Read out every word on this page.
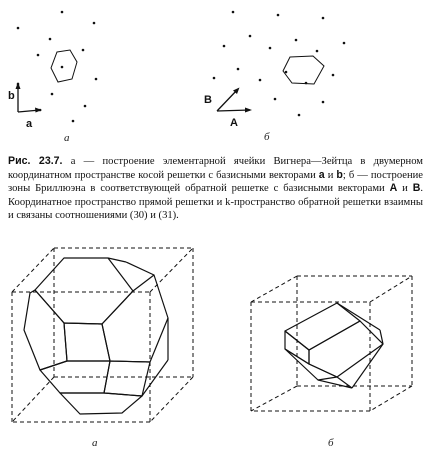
b
a
a
B
A
б
a	б

Рис. 23.7. a — построение элементарной ячейки Вигнера—Зейтца в двумерном координатном пространстве косой решетки с базисными векторами a и b; б — построение зоны Бриллюэна в соответствующей обратной решетке с базисными векторами A и B. Координатное пространство прямой решетки и k-пространство обратной решетки взаимны и связаны соотношениями (30) и (31).
